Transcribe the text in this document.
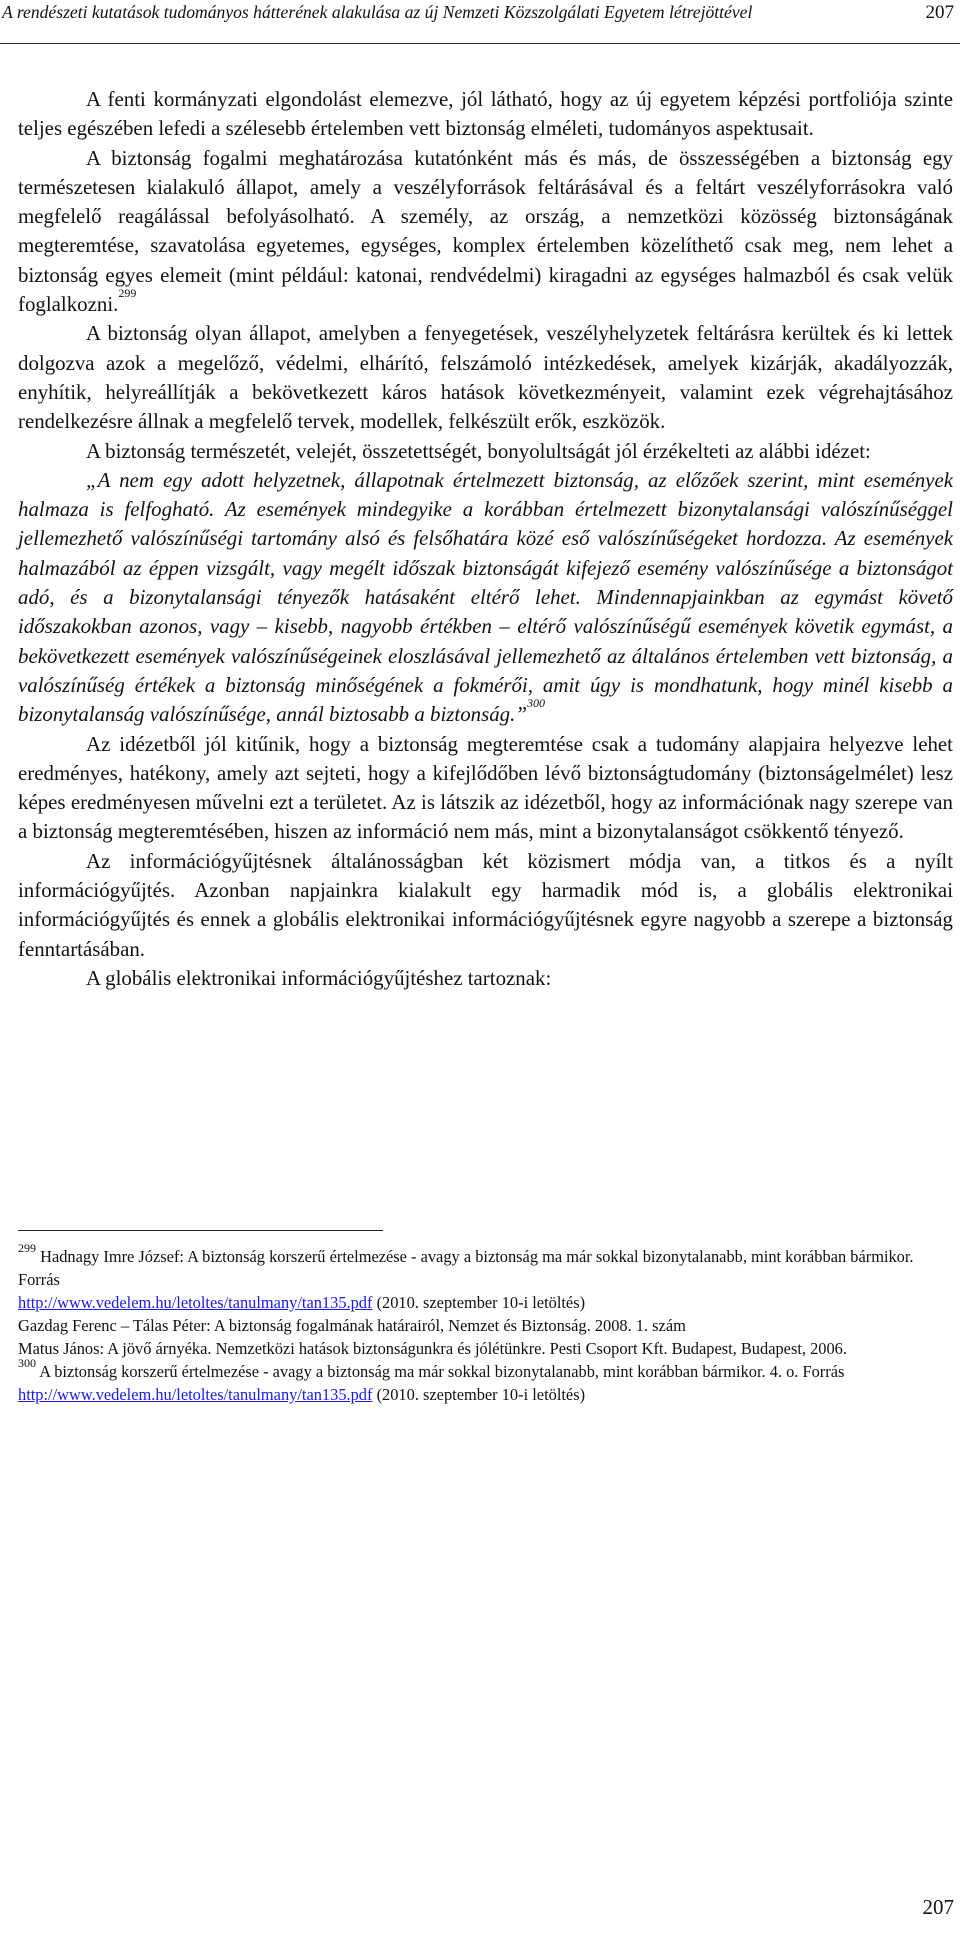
A rendészeti kutatások tudományos hátterének alakulása az új Nemzeti Közszolgálati Egyetem létrejöttével	207

A fenti kormányzati elgondolást elemezve, jól látható, hogy az új egyetem képzési portfoliója szinte teljes egészében lefedi a szélesebb értelemben vett biztonság elméleti, tudományos aspektusait.

A biztonság fogalmi meghatározása kutatónként más és más, de összességében a biztonság egy természetesen kialakuló állapot, amely a veszélyforrások feltárásával és a feltárt veszélyforrásokra való megfelelő reagálással befolyásolható. A személy, az ország, a nemzetközi közösség biztonságának megteremtése, szavatolása egyetemes, egységes, komplex értelemben közelíthető csak meg, nem lehet a biztonság egyes elemeit (mint például: katonai, rendvédelmi) kiragadni az egységes halmazból és csak velük foglalkozni.$^{299}$

A biztonság olyan állapot, amelyben a fenyegetések, veszélyhelyzetek feltárásra kerültek és ki lettek dolgozva azok a megelőző, védelmi, elhárító, felszámoló intézkedések, amelyek kizárják, akadályozzák, enyhítik, helyreállítják a bekövetkezett káros hatások következményeit, valamint ezek végrehajtásához rendelkezésre állnak a megfelelő tervek, modellek, felkészült erők, eszközök.

A biztonság természetét, velejét, összetettségét, bonyolultságát jól érzékelteti az alábbi idézet:

„A nem egy adott helyzetnek, állapotnak értelmezett biztonság, az előzőek szerint, mint események halmaza is felfogható. Az események mindegyike a korábban értelmezett bizonytalansági valószínűséggel jellemezhető valószínűségi tartomány alsó és felsőhatára közé eső valószínűségeket hordozza. Az események halmazából az éppen vizsgált, vagy megélt időszak biztonságát kifejező esemény valószínűsége a biztonságot adó, és a bizonytalansági tényezők hatásaként eltérő lehet. Mindennapjainkban az egymást követő időszakokban azonos, vagy – kisebb, nagyobb értékben – eltérő valószínűségű események követik egymást, a bekövetkezett események valószínűségeinek eloszlásával jellemezhető az általános értelemben vett biztonság, a valószínűség értékek a biztonság minőségének a fokmérői, amit úgy is mondhatunk, hogy minél kisebb a bizonytalanság valószínűsége, annál biztosabb a biztonság.”$^{300}$

Az idézetből jól kitűnik, hogy a biztonság megteremtése csak a tudomány alapjaira helyezve lehet eredményes, hatékony, amely azt sejteti, hogy a kifejlődőben lévő biztonságtudomány (biztonságelmélet) lesz képes eredményesen művelni ezt a területet. Az is látszik az idézetből, hogy az információnak nagy szerepe van a biztonság megteremtésében, hiszen az információ nem más, mint a bizonytalanságot csökkentő tényező.

Az információgyűjtésnek általánosságban két közismert módja van, a titkos és a nyílt információgyűjtés. Azonban napjainkra kialakult egy harmadik mód is, a globális elektronikai információgyűjtés és ennek a globális elektronikai információgyűjtésnek egyre nagyobb a szerepe a biztonság fenntartásában.

A globális elektronikai információgyűjtéshez tartoznak:

$^{299}$ Hadnagy Imre József: A biztonság korszerű értelmezése - avagy a biztonság ma már sokkal bizonytalanabb, mint korábban bármikor. Forrás

http://www.vedelem.hu/letoltes/tanulmany/tan135.pdf (2010. szeptember 10-i letöltés)

Gazdag Ferenc – Tálas Péter: A biztonság fogalmának határairól, Nemzet és Biztonság. 2008. 1. szám

Matus János: A jövő árnyéka. Nemzetközi hatások biztonságunkra és jólétünkre. Pesti Csoport Kft. Budapest, Budapest, 2006.

$^{300}$ A biztonság korszerű értelmezése - avagy a biztonság ma már sokkal bizonytalanabb, mint korábban bármikor. 4. o. Forrás

http://www.vedelem.hu/letoltes/tanulmany/tan135.pdf (2010. szeptember 10-i letöltés)

207
